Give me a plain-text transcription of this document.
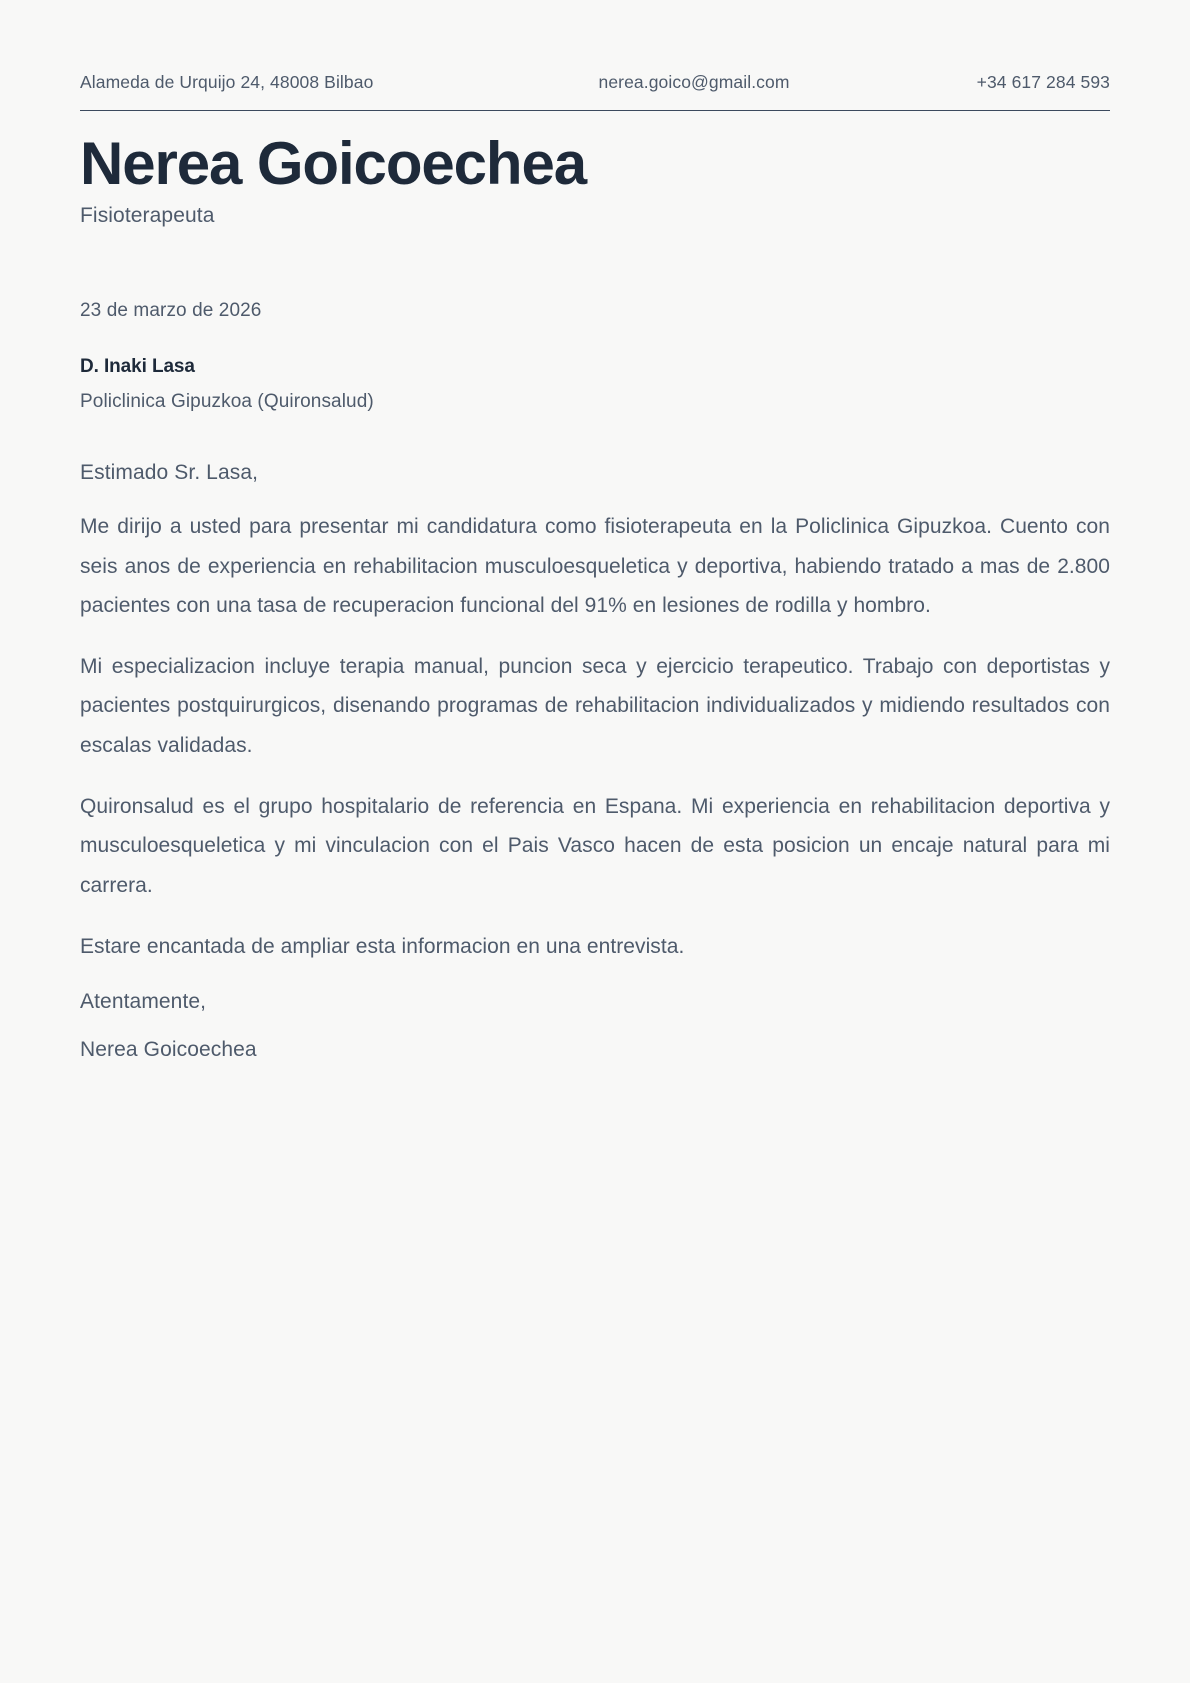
Alameda de Urquijo 24, 48008 Bilbao	nerea.goico@gmail.com	+34 617 284 593
Nerea Goicoechea

Fisioterapeuta

23 de marzo de 2026
D. Inaki Lasa
Policlinica Gipuzkoa (Quironsalud)

Estimado Sr. Lasa,

Me dirijo a usted para presentar mi candidatura como fisioterapeuta en la Policlinica Gipuzkoa. Cuento con seis anos de experiencia en rehabilitacion musculoesqueletica y deportiva, habiendo tratado a mas de 2.800 pacientes con una tasa de recuperacion funcional del 91% en lesiones de rodilla y hombro.

Mi especializacion incluye terapia manual, puncion seca y ejercicio terapeutico. Trabajo con deportistas y pacientes postquirurgicos, disenando programas de rehabilitacion individualizados y midiendo resultados con escalas validadas.

Quironsalud es el grupo hospitalario de referencia en Espana. Mi experiencia en rehabilitacion deportiva y musculoesqueletica y mi vinculacion con el Pais Vasco hacen de esta posicion un encaje natural para mi carrera.

Estare encantada de ampliar esta informacion en una entrevista.

Atentamente,

Nerea Goicoechea
